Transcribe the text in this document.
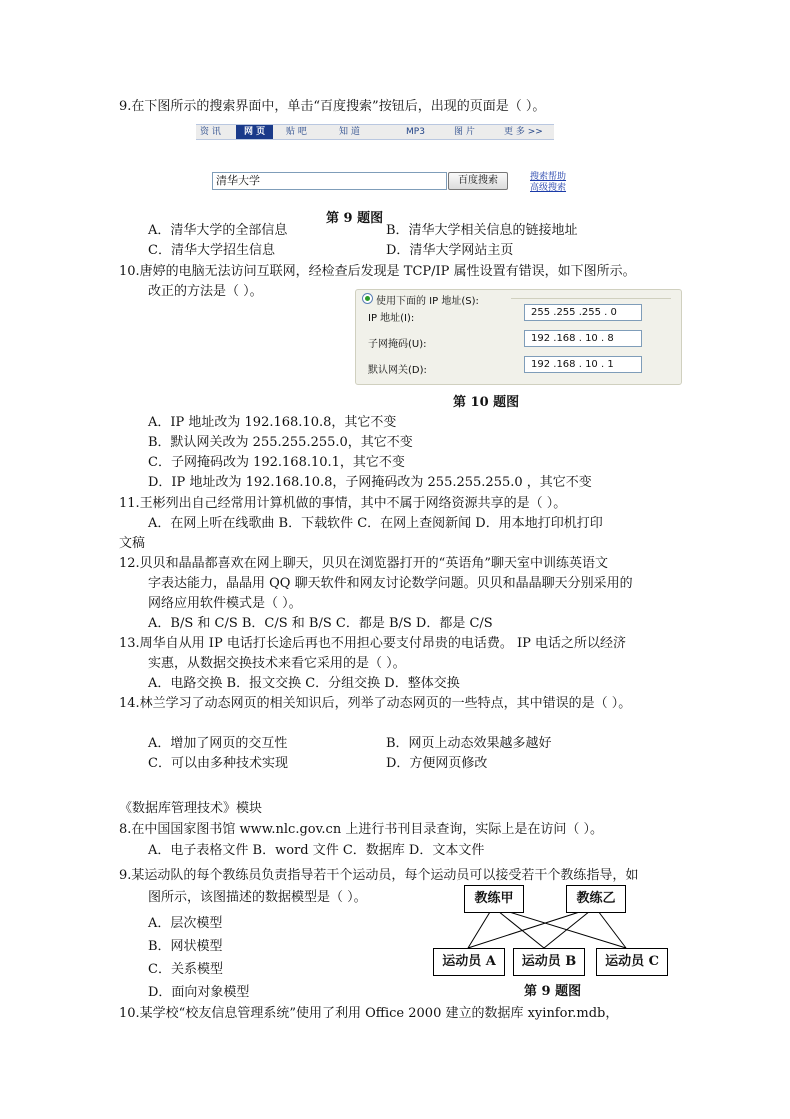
9.在下图所示的搜索界面中，单击“百度搜索”按钮后，出现的页面是（ ）。
资 讯	网 页	贴 吧	知 道	MP3	图 片	更 多 >>
清华大学	百度搜索	搜索帮助
高级搜索
第 9 题图
A．清华大学的全部信息	B．清华大学相关信息的链接地址
C．清华大学招生信息	D．清华大学网站主页
10.唐婷的电脑无法访问互联网，经检查后发现是 TCP/IP 属性设置有错误，如下图所示。
改正的方法是（ ）。
使用下面的 IP 地址(S):
IP 地址(I):
255 .255 .255 . 0
子网掩码(U):
192 .168 . 10 . 8
默认网关(D):
192 .168 . 10 . 1
第 10 题图
A．IP 地址改为 192.168.10.8，其它不变
B．默认网关改为 255.255.255.0，其它不变
C．子网掩码改为 192.168.10.1，其它不变
D．IP 地址改为 192.168.10.8，子网掩码改为 255.255.255.0 ，其它不变
11.王彬列出自己经常用计算机做的事情，其中不属于网络资源共享的是（ ）。
A．在网上听在线歌曲 B．下载软件 C．在网上查阅新闻 D．用本地打印机打印
文稿
12.贝贝和晶晶都喜欢在网上聊天，贝贝在浏览器打开的“英语角”聊天室中训练英语文
字表达能力，晶晶用 QQ 聊天软件和网友讨论数学问题。贝贝和晶晶聊天分别采用的
网络应用软件模式是（ ）。
A．B/S 和 C/S B．C/S 和 B/S C．都是 B/S D．都是 C/S
13.周华自从用 IP 电话打长途后再也不用担心要支付昂贵的电话费。 IP 电话之所以经济
实惠，从数据交换技术来看它采用的是（ ）。
A．电路交换 B．报文交换 C．分组交换 D．整体交换
14.林兰学习了动态网页的相关知识后，列举了动态网页的一些特点，其中错误的是（ ）。
A．增加了网页的交互性	B．网页上动态效果越多越好
C．可以由多种技术实现	D．方便网页修改
《数据库管理技术》模块
8.在中国国家图书馆 www.nlc.gov.cn 上进行书刊目录查询，实际上是在访问（ ）。
A．电子表格文件 B．word 文件 C．数据库 D．文本文件
9.某运动队的每个教练员负责指导若干个运动员，每个运动员可以接受若干个教练指导，如
图所示，该图描述的数据模型是（ ）。
A．层次模型
B．网状模型
C．关系模型
D．面向对象模型
教练甲	教练乙
运动员 A	运动员 B	运动员 C
第 9 题图
10.某学校“校友信息管理系统”使用了利用 Office 2000 建立的数据库 xyinfor.mdb，
